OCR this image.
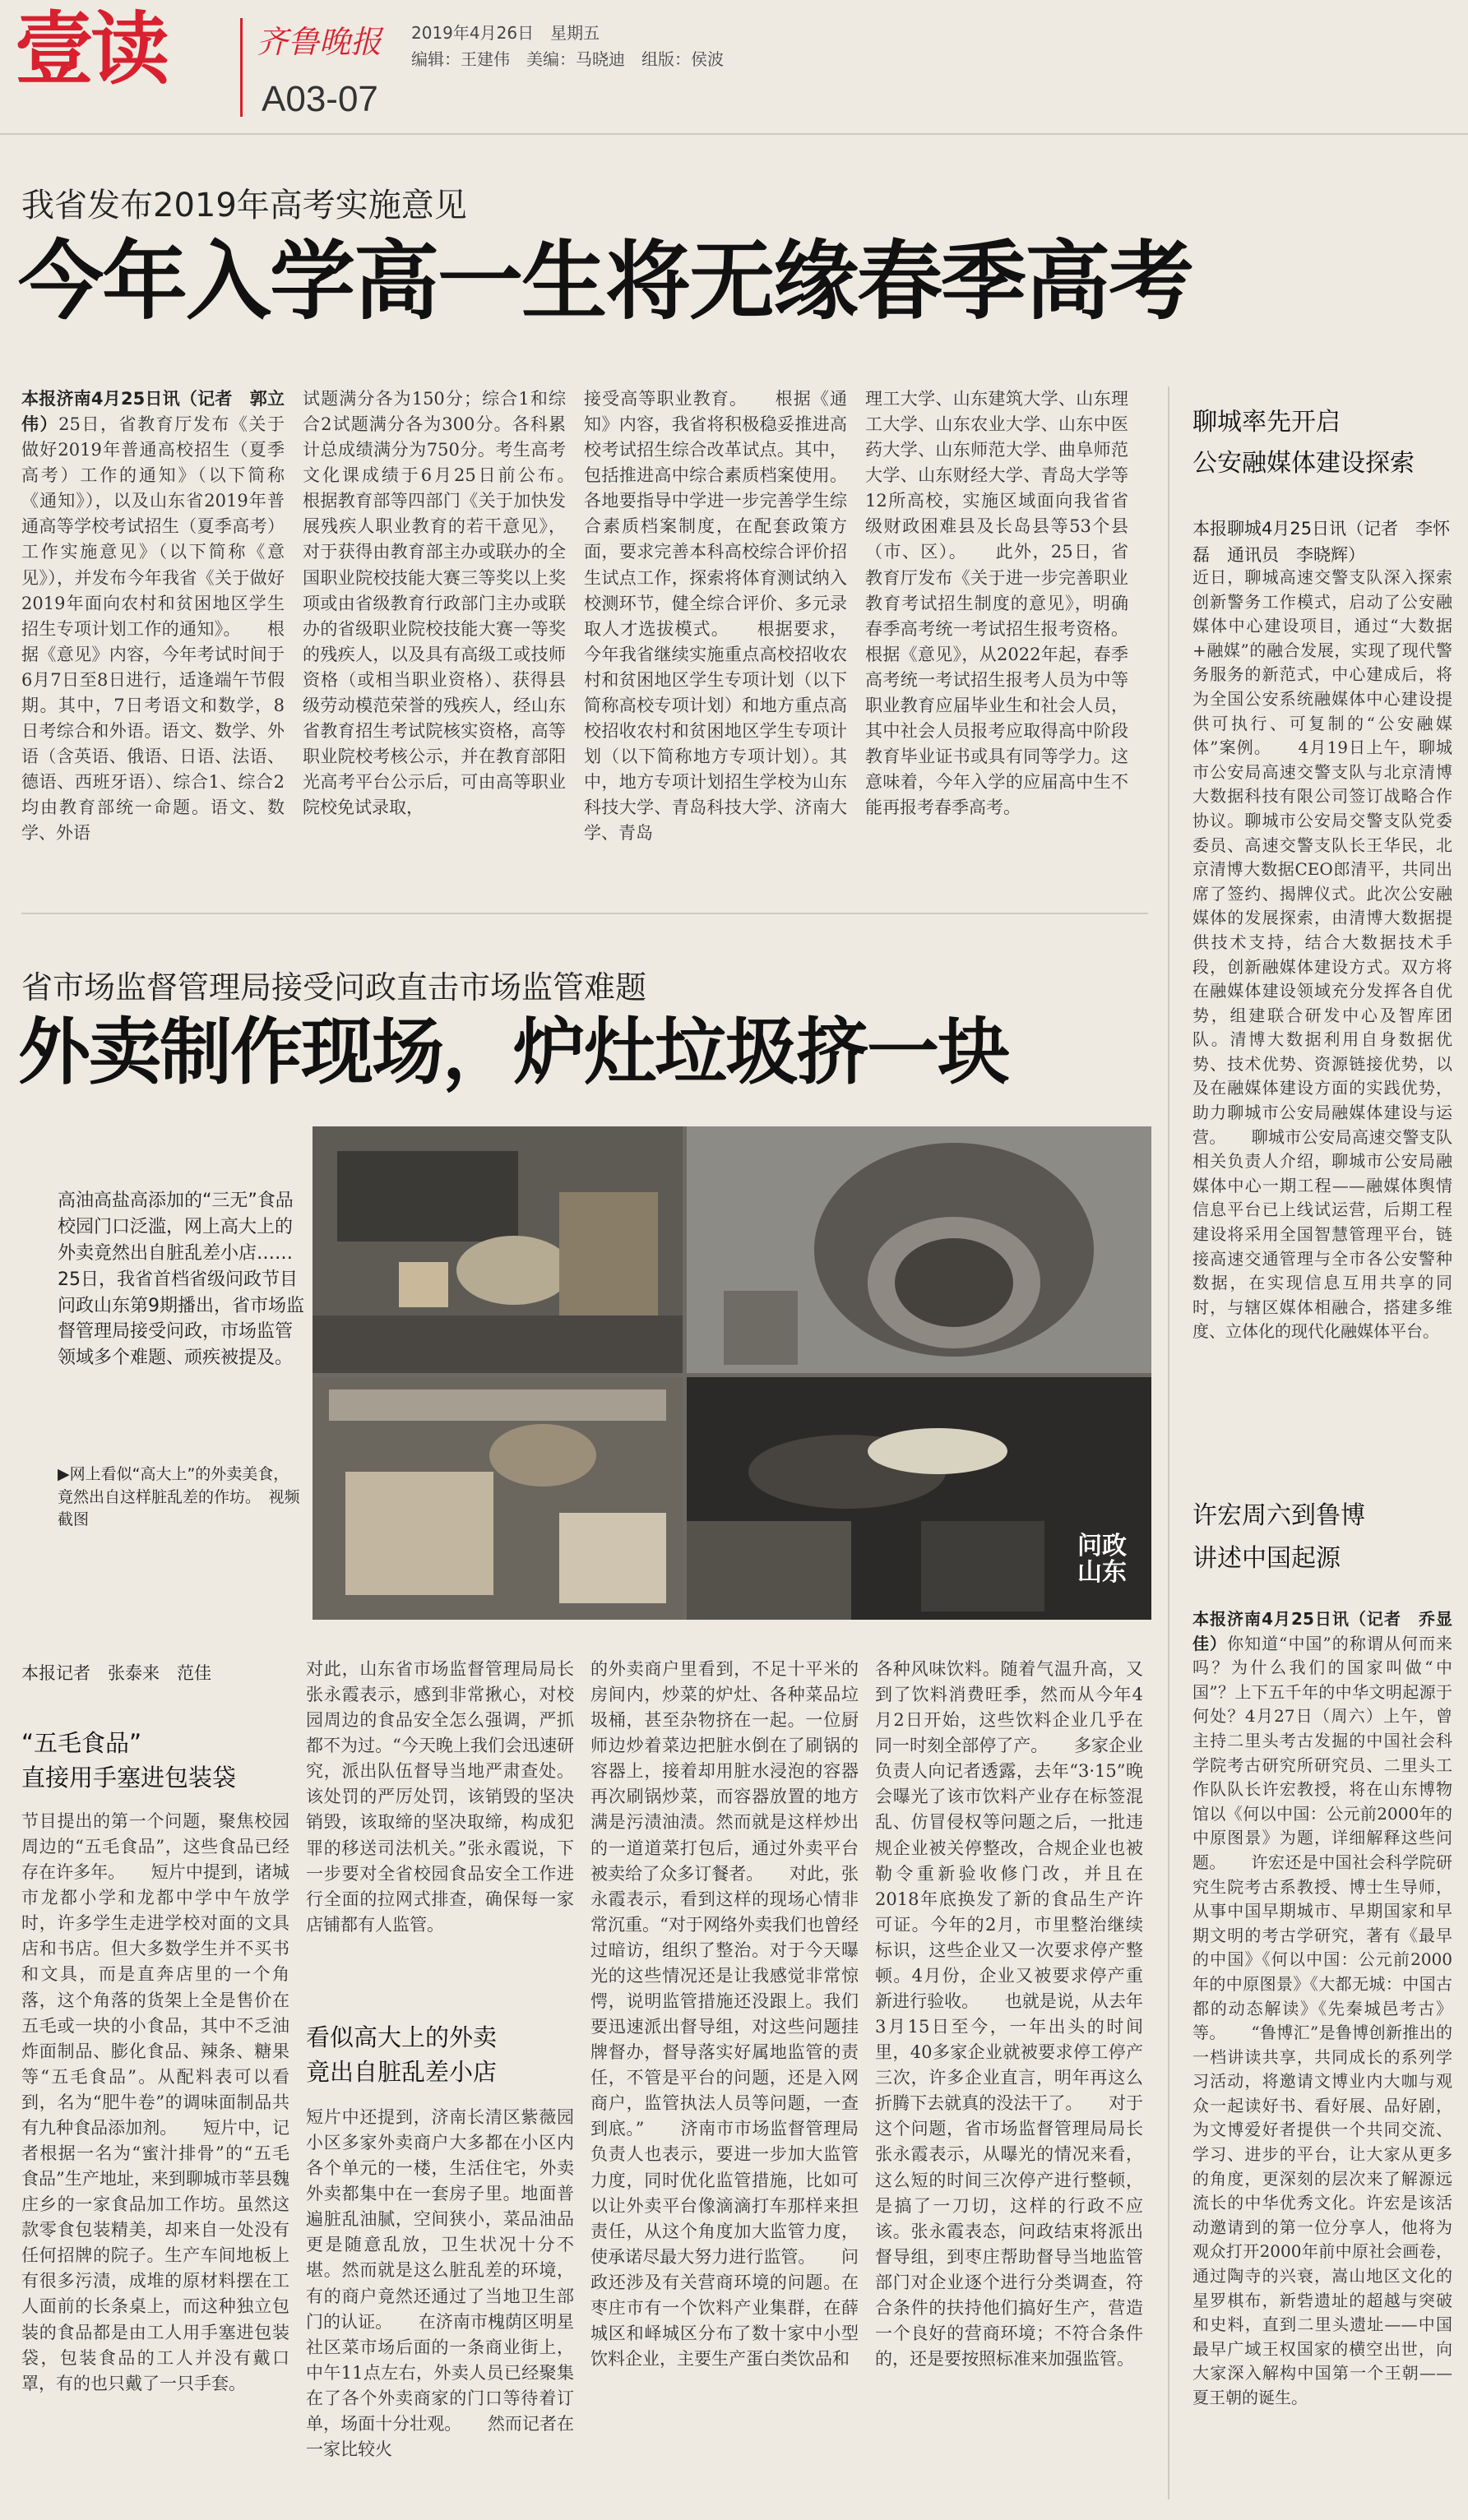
壹读	齐鲁晚报
A03-07
2019年4月26日　星期五
编辑：王建伟　美编：马晓迪　组版：侯波
我省发布2019年高考实施意见
今年入学高一生将无缘春季高考
本报济南4月25日讯（记者　郭立伟）25日，省教育厅发布《关于做好2019年普通高校招生（夏季高考）工作的通知》（以下简称《通知》），以及山东省2019年普通高等学校考试招生（夏季高考）工作实施意见》（以下简称《意见》），并发布今年我省《关于做好2019年面向农村和贫困地区学生招生专项计划工作的通知》。　　根据《意见》内容，今年考试时间于6月7日至8日进行，适逢端午节假期。其中，7日考语文和数学，8日考综合和外语。语文、数学、外语（含英语、俄语、日语、法语、德语、西班牙语）、综合1、综合2均由教育部统一命题。语文、数学、外语
试题满分各为150分；综合1和综合2试题满分各为300分。各科累计总成绩满分为750分。考生高考文化课成绩于6月25日前公布。　　根据教育部等四部门《关于加快发展残疾人职业教育的若干意见》，对于获得由教育部主办或联办的全国职业院校技能大赛三等奖以上奖项或由省级教育行政部门主办或联办的省级职业院校技能大赛一等奖的残疾人，以及具有高级工或技师资格（或相当职业资格）、获得县级劳动模范荣誉的残疾人，经山东省教育招生考试院核实资格，高等职业院校考核公示，并在教育部阳光高考平台公示后，可由高等职业院校免试录取，
接受高等职业教育。　　根据《通知》内容，我省将积极稳妥推进高校考试招生综合改革试点。其中，包括推进高中综合素质档案使用。各地要指导中学进一步完善学生综合素质档案制度，在配套政策方面，要求完善本科高校综合评价招生试点工作，探索将体育测试纳入校测环节，健全综合评价、多元录取人才选拔模式。　　根据要求，今年我省继续实施重点高校招收农村和贫困地区学生专项计划（以下简称高校专项计划）和地方重点高校招收农村和贫困地区学生专项计划（以下简称地方专项计划）。其中，地方专项计划招生学校为山东科技大学、青岛科技大学、济南大学、青岛
理工大学、山东建筑大学、山东理工大学、山东农业大学、山东中医药大学、山东师范大学、曲阜师范大学、山东财经大学、青岛大学等12所高校，实施区域面向我省省级财政困难县及长岛县等53个县（市、区）。　　此外，25日，省教育厅发布《关于进一步完善职业教育考试招生制度的意见》，明确春季高考统一考试招生报考资格。根据《意见》，从2022年起，春季高考统一考试招生报考人员为中等职业教育应届毕业生和社会人员，其中社会人员报考应取得高中阶段教育毕业证书或具有同等学力。这意味着，今年入学的应届高中生不能再报考春季高考。
聊城率先开启
公安融媒体建设探索
本报聊城4月25日讯（记者　李怀磊　通讯员　李晓辉）
近日，聊城高速交警支队深入探索创新警务工作模式，启动了公安融媒体中心建设项目，通过“大数据+融媒”的融合发展，实现了现代警务服务的新范式，中心建成后，将为全国公安系统融媒体中心建设提供可执行、可复制的“公安融媒体”案例。　　4月19日上午，聊城市公安局高速交警支队与北京清博大数据科技有限公司签订战略合作协议。聊城市公安局交警支队党委委员、高速交警支队长王华民，北京清博大数据CEO郎清平，共同出席了签约、揭牌仪式。此次公安融媒体的发展探索，由清博大数据提供技术支持，结合大数据技术手段，创新融媒体建设方式。双方将在融媒体建设领域充分发挥各自优势，组建联合研发中心及智库团队。清博大数据利用自身数据优势、技术优势、资源链接优势，以及在融媒体建设方面的实践优势，助力聊城市公安局融媒体建设与运营。　　聊城市公安局高速交警支队相关负责人介绍，聊城市公安局融媒体中心一期工程——融媒体舆情信息平台已上线试运营，后期工程建设将采用全国智慧管理平台，链接高速交通管理与全市各公安警种数据，在实现信息互用共享的同时，与辖区媒体相融合，搭建多维度、立体化的现代化融媒体平台。
省市场监督管理局接受问政直击市场监管难题
外卖制作现场，炉灶垃圾挤一块
高油高盐高添加的“三无”食品校园门口泛滥，网上高大上的外卖竟然出自脏乱差小店……25日，我省首档省级问政节目问政山东第9期播出，省市场监督管理局接受问政，市场监管领域多个难题、顽疾被提及。
▶网上看似“高大上”的外卖美食，竟然出自这样脏乱差的作坊。　视频截图
问政
山东
本报记者　张泰来　范佳
“五毛食品”
直接用手塞进包装袋
节目提出的第一个问题，聚焦校园周边的“五毛食品”，这些食品已经存在许多年。　　短片中提到，诸城市龙都小学和龙都中学中午放学时，许多学生走进学校对面的文具店和书店。但大多数学生并不买书和文具，而是直奔店里的一个角落，这个角落的货架上全是售价在五毛或一块的小食品，其中不乏油炸面制品、膨化食品、辣条、糖果等“五毛食品”。从配料表可以看到，名为“肥牛卷”的调味面制品共有九种食品添加剂。　　短片中，记者根据一名为“蜜汁排骨”的“五毛食品”生产地址，来到聊城市莘县魏庄乡的一家食品加工作坊。虽然这款零食包装精美，却来自一处没有任何招牌的院子。生产车间地板上有很多污渍，成堆的原材料摆在工人面前的长条桌上，而这种独立包装的食品都是由工人用手塞进包装袋，包装食品的工人并没有戴口罩，有的也只戴了一只手套。
对此，山东省市场监督管理局局长张永霞表示，感到非常揪心，对校园周边的食品安全怎么强调，严抓都不为过。“今天晚上我们会迅速研究，派出队伍督导当地严肃查处。该处罚的严厉处罚，该销毁的坚决销毁，该取缔的坚决取缔，构成犯罪的移送司法机关。”张永霞说，下一步要对全省校园食品安全工作进行全面的拉网式排查，确保每一家店铺都有人监管。
看似高大上的外卖
竟出自脏乱差小店
短片中还提到，济南长清区紫薇园小区多家外卖商户大多都在小区内各个单元的一楼，生活住宅，外卖外卖都集中在一套房子里。地面普遍脏乱油腻，空间狭小，菜品油品更是随意乱放，卫生状况十分不堪。然而就是这么脏乱差的环境，有的商户竟然还通过了当地卫生部门的认证。　　在济南市槐荫区明星社区菜市场后面的一条商业街上，中午11点左右，外卖人员已经聚集在了各个外卖商家的门口等待着订单，场面十分壮观。　　然而记者在一家比较火
的外卖商户里看到，不足十平米的房间内，炒菜的炉灶、各种菜品垃圾桶，甚至杂物挤在一起。一位厨师边炒着菜边把脏水倒在了刷锅的容器上，接着却用脏水浸泡的容器再次刷锅炒菜，而容器放置的地方满是污渍油渍。然而就是这样炒出的一道道菜打包后，通过外卖平台被卖给了众多订餐者。　　对此，张永霞表示，看到这样的现场心情非常沉重。“对于网络外卖我们也曾经过暗访，组织了整治。对于今天曝光的这些情况还是让我感觉非常惊愕，说明监管措施还没跟上。我们要迅速派出督导组，对这些问题挂牌督办，督导落实好属地监管的责任，不管是平台的问题，还是入网商户，监管执法人员等问题，一查到底。”　　济南市市场监督管理局负责人也表示，要进一步加大监管力度，同时优化监管措施，比如可以让外卖平台像滴滴打车那样来担责任，从这个角度加大监管力度，使承诺尽最大努力进行监管。　　问政还涉及有关营商环境的问题。在枣庄市有一个饮料产业集群，在薛城区和峄城区分布了数十家中小型饮料企业，主要生产蛋白类饮品和
各种风味饮料。随着气温升高，又到了饮料消费旺季，然而从今年4月2日开始，这些饮料企业几乎在同一时刻全部停了产。　　多家企业负责人向记者透露，去年“3·15”晚会曝光了该市饮料产业存在标签混乱、仿冒侵权等问题之后，一批违规企业被关停整改，合规企业也被勒令重新验收修门改，并且在2018年底换发了新的食品生产许可证。今年的2月，市里整治继续标识，这些企业又一次要求停产整顿。4月份，企业又被要求停产重新进行验收。　　也就是说，从去年3月15日至今，一年出头的时间里，40多家企业就被要求停工停产三次，许多企业直言，明年再这么折腾下去就真的没法干了。　　对于这个问题，省市场监督管理局局长张永霞表示，从曝光的情况来看，这么短的时间三次停产进行整顿，是搞了一刀切，这样的行政不应该。张永霞表态，问政结束将派出督导组，到枣庄帮助督导当地监管部门对企业逐个进行分类调查，符合条件的扶持他们搞好生产，营造一个良好的营商环境；不符合条件的，还是要按照标准来加强监管。
许宏周六到鲁博
讲述中国起源
本报济南4月25日讯（记者　乔显佳）你知道“中国”的称谓从何而来吗？为什么我们的国家叫做“中国”？上下五千年的中华文明起源于何处？4月27日（周六）上午，曾主持二里头考古发掘的中国社会科学院考古研究所研究员、二里头工作队队长许宏教授，将在山东博物馆以《何以中国：公元前2000年的中原图景》为题，详细解释这些问题。　　许宏还是中国社会科学院研究生院考古系教授、博士生导师，从事中国早期城市、早期国家和早期文明的考古学研究，著有《最早的中国》《何以中国：公元前2000年的中原图景》《大都无城：中国古都的动态解读》《先秦城邑考古》等。　　“鲁博汇”是鲁博创新推出的一档讲读共享，共同成长的系列学习活动，将邀请文博业内大咖与观众一起读好书、看好展、品好剧，为文博爱好者提供一个共同交流、学习、进步的平台，让大家从更多的角度，更深刻的层次来了解源远流长的中华优秀文化。许宏是该活动邀请到的第一位分享人，他将为观众打开2000年前中原社会画卷，通过陶寺的兴衰，嵩山地区文化的星罗棋布，新砦遗址的超越与突破和史料，直到二里头遗址——中国最早广域王权国家的横空出世，向大家深入解构中国第一个王朝——夏王朝的诞生。
